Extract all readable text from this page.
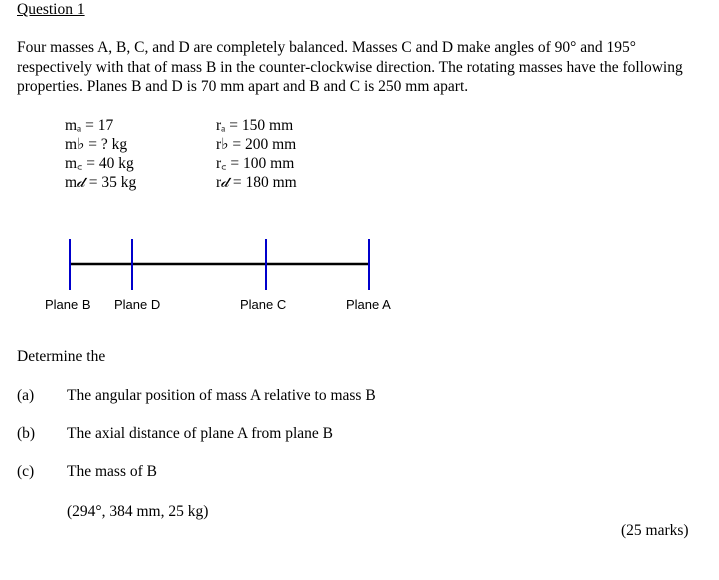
Question 1
Four masses A, B, C, and D are completely balanced. Masses C and D make angles of 90° and 195° respectively with that of mass B in the counter-clockwise direction. The rotating masses have the following properties. Planes B and D is 70 mm apart and B and C is 250 mm apart.
mₐ = 17
m♭ = ? kg
m꜀ = 40 kg
m𝒹 = 35 kg
rₐ = 150 mm
r♭ = 200 mm
r꜀ = 100 mm
r𝒹 = 180 mm
Plane B Plane D	Plane C	Plane A
Determine the
(a) The angular position of mass A relative to mass B
(b) The axial distance of plane A from plane B
(c) The mass of B
(294°, 384 mm, 25 kg)
(25 marks)
